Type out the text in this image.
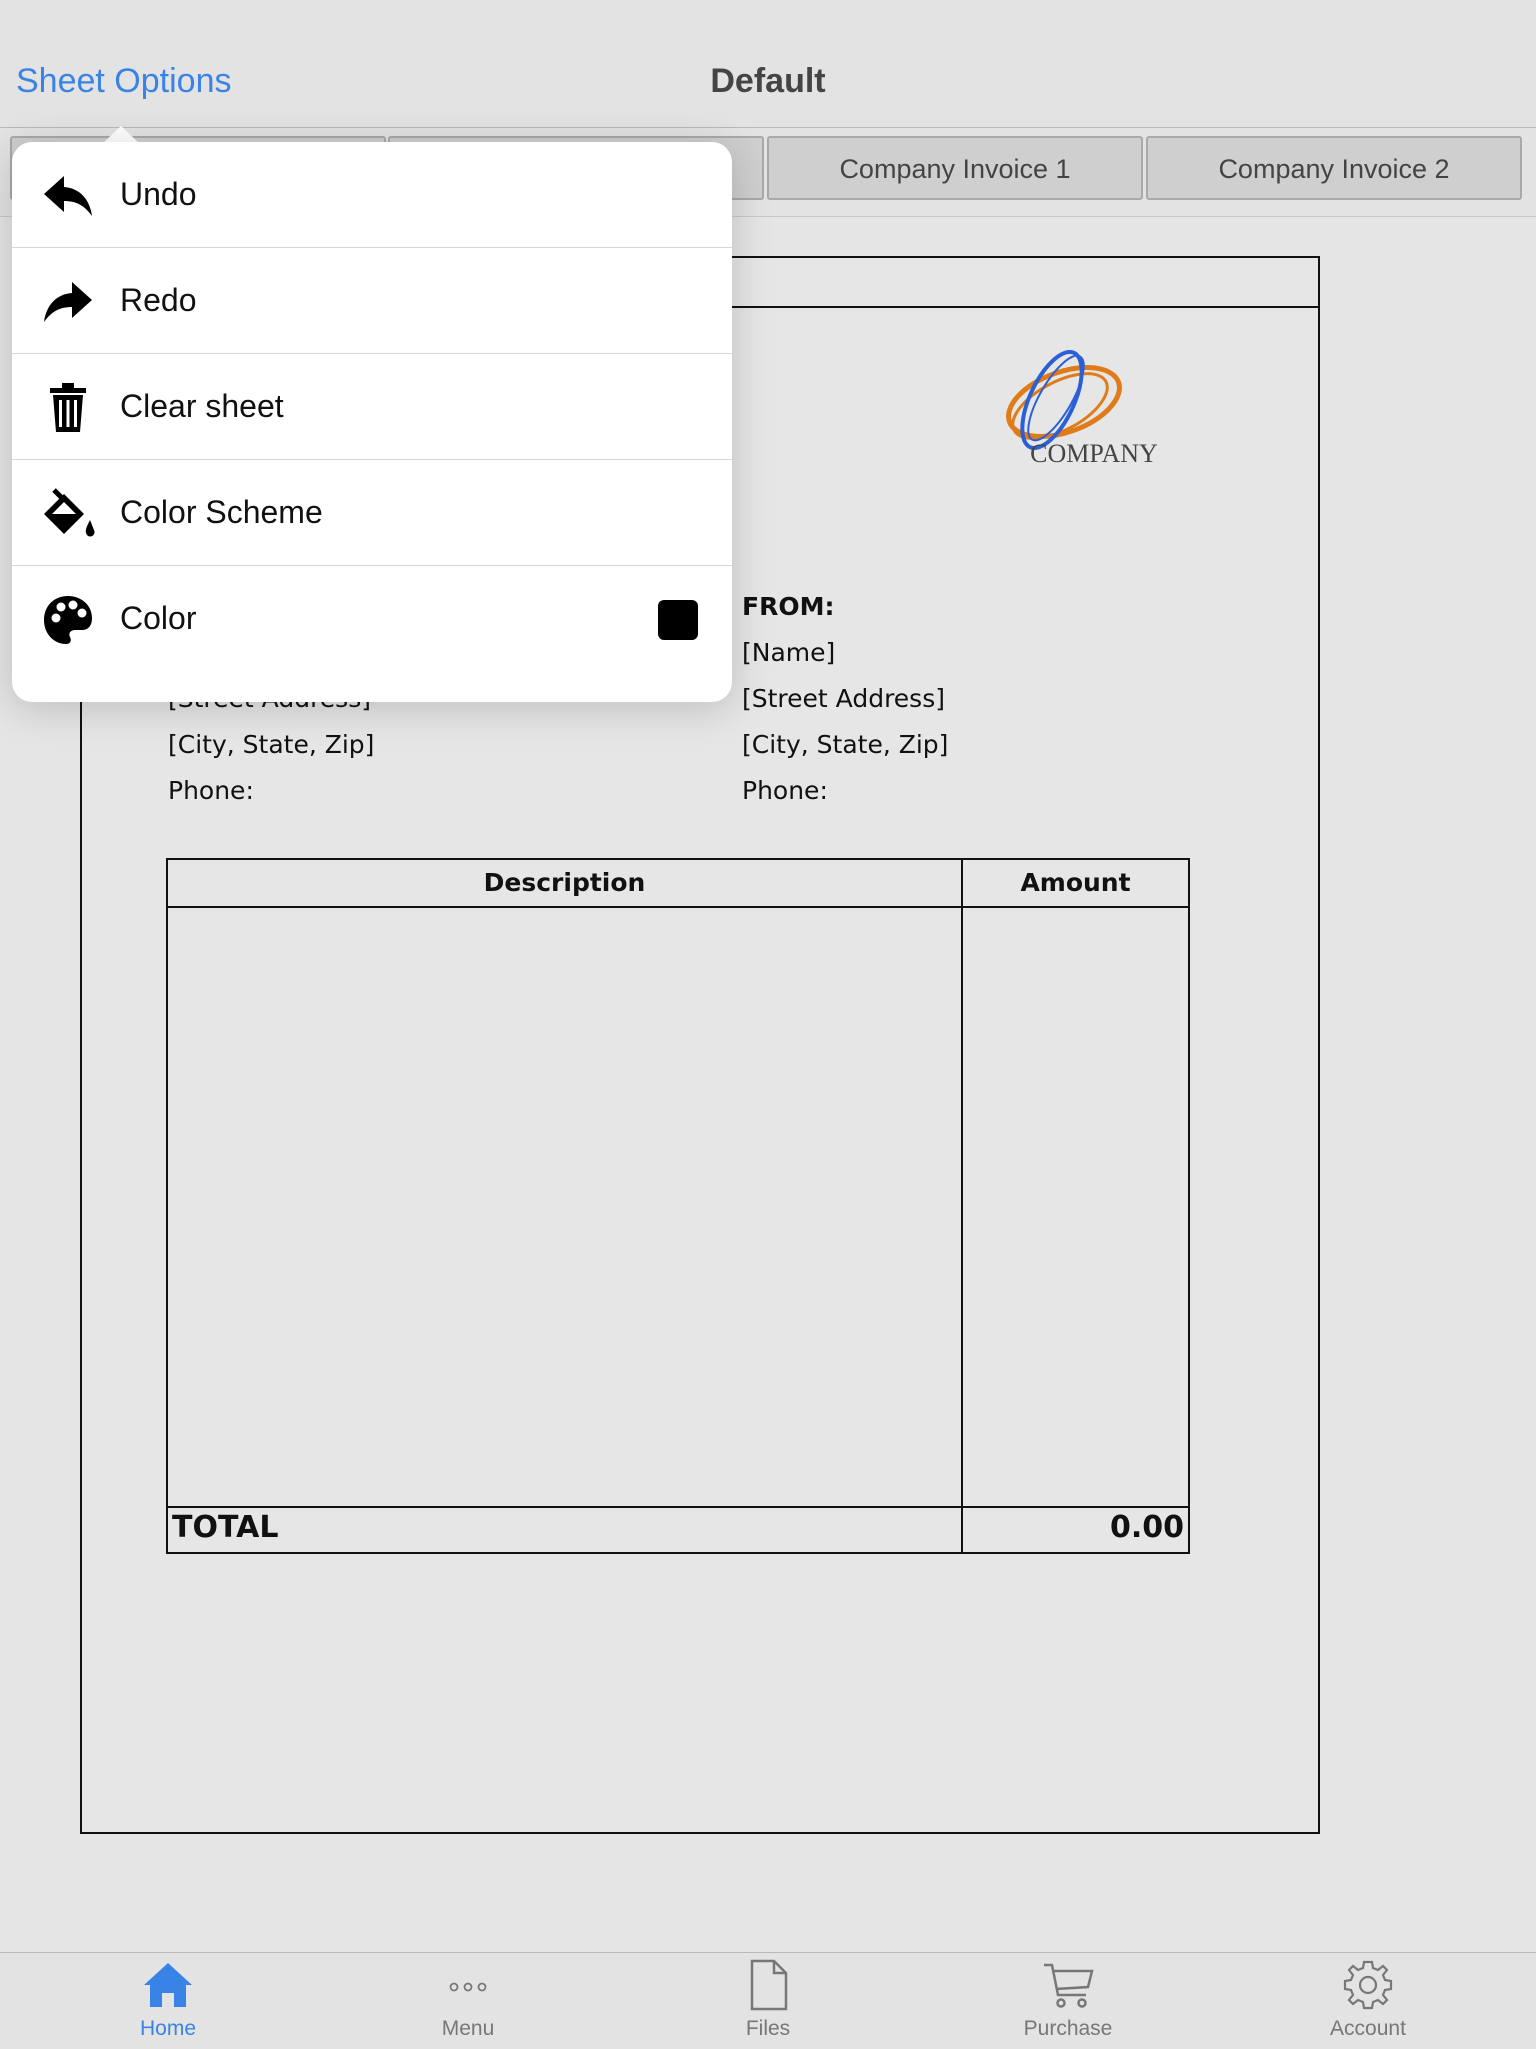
Sheet Options	Default
Company Invoice 1	Company Invoice 2
COMPANY
[City, State, Zip]
Phone:
FROM:
[Name]
[Street Address]
[City, State, Zip]
Phone:
Description	Amount
TOTAL	0.00
Undo
Redo
Clear sheet
Color Scheme
Color
Home	Menu	Files	Purchase	Account
